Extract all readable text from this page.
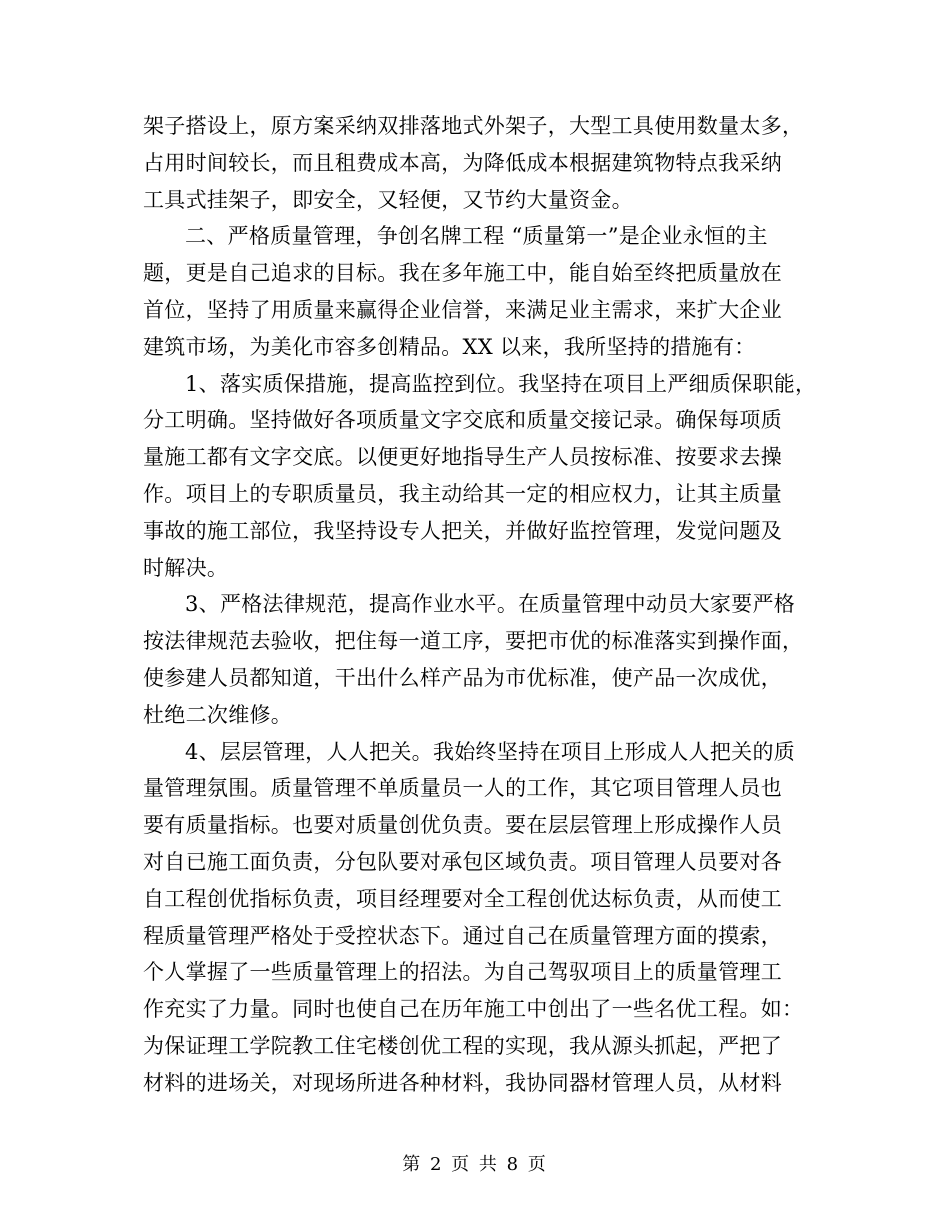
架子搭设上，原方案采纳双排落地式外架子，大型工具使用数量太多，
占用时间较长，而且租费成本高，为降低成本根据建筑物特点我采纳
工具式挂架子，即安全，又轻便，又节约大量资金。
二、严格质量管理，争创名牌工程 “质量第一”是企业永恒的主
题，更是自己追求的目标。我在多年施工中，能自始至终把质量放在
首位，坚持了用质量来赢得企业信誉，来满足业主需求，来扩大企业
建筑市场，为美化市容多创精品。XX 以来，我所坚持的措施有：
1、落实质保措施，提高监控到位。我坚持在项目上严细质保职能，
分工明确。坚持做好各项质量文字交底和质量交接记录。确保每项质
量施工都有文字交底。以便更好地指导生产人员按标准、按要求去操
作。项目上的专职质量员，我主动给其一定的相应权力，让其主质量
事故的施工部位，我坚持设专人把关，并做好监控管理，发觉问题及
时解决。
3、严格法律规范，提高作业水平。在质量管理中动员大家要严格
按法律规范去验收，把住每一道工序，要把市优的标准落实到操作面，
使参建人员都知道，干出什么样产品为市优标准，使产品一次成优，
杜绝二次维修。
4、层层管理，人人把关。我始终坚持在项目上形成人人把关的质
量管理氛围。质量管理不单质量员一人的工作，其它项目管理人员也
要有质量指标。也要对质量创优负责。要在层层管理上形成操作人员
对自已施工面负责，分包队要对承包区域负责。项目管理人员要对各
自工程创优指标负责，项目经理要对全工程创优达标负责，从而使工
程质量管理严格处于受控状态下。通过自己在质量管理方面的摸索，
个人掌握了一些质量管理上的招法。为自己驾驭项目上的质量管理工
作充实了力量。同时也使自己在历年施工中创出了一些名优工程。如：
为保证理工学院教工住宅楼创优工程的实现，我从源头抓起，严把了
材料的进场关，对现场所进各种材料，我协同器材管理人员，从材料
第 2 页 共 8 页
